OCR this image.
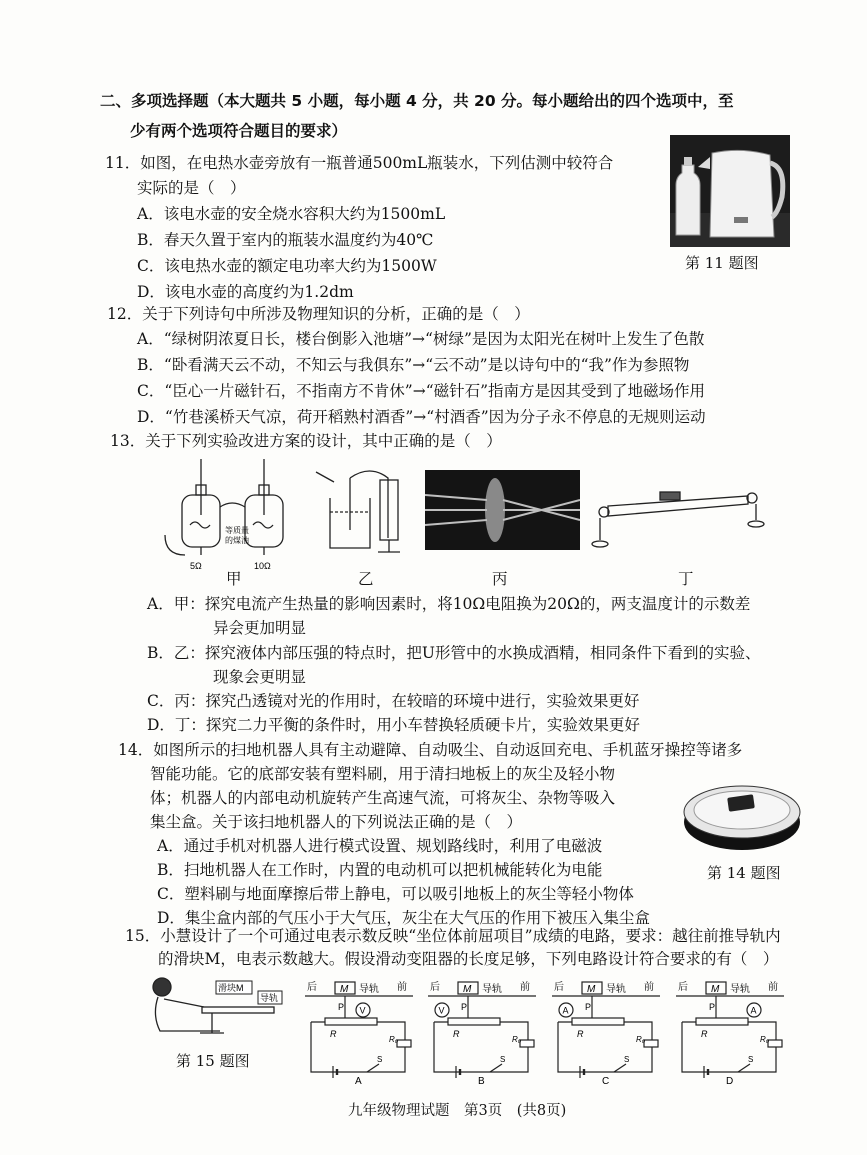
二、多项选择题（本大题共 5 小题，每小题 4 分，共 20 分。每小题给出的四个选项中，至
少有两个选项符合题目的要求）
11．如图，在电热水壶旁放有一瓶普通500mL瓶装水，下列估测中较符合
实际的是（　）
A．该电水壶的安全烧水容积大约为1500mL
B．春天久置于室内的瓶装水温度约为40℃
C．该电热水壶的额定电功率大约为1500W
D．该电水壶的高度约为1.2dm
第 11 题图
12．关于下列诗句中所涉及物理知识的分析，正确的是（　）
A．“绿树阴浓夏日长，楼台倒影入池塘”→“树绿”是因为太阳光在树叶上发生了色散
B．“卧看满天云不动，不知云与我俱东”→“云不动”是以诗句中的“我”作为参照物
C．“臣心一片磁针石，不指南方不肯休”→“磁针石”指南方是因其受到了地磁场作用
D．“竹巷溪桥天气凉，荷开稻熟村酒香”→“村酒香”因为分子永不停息的无规则运动
13．关于下列实验改进方案的设计，其中正确的是（　）
5Ω	10Ω
等质量
的煤油
甲	乙	丙	丁
A．甲：探究电流产生热量的影响因素时，将10Ω电阻换为20Ω的，两支温度计的示数差
异会更加明显
B．乙：探究液体内部压强的特点时，把U形管中的水换成酒精，相同条件下看到的实验、
现象会更明显
C．丙：探究凸透镜对光的作用时，在较暗的环境中进行，实验效果更好
D．丁：探究二力平衡的条件时，用小车替换轻质硬卡片，实验效果更好
14．如图所示的扫地机器人具有主动避障、自动吸尘、自动返回充电、手机蓝牙操控等诸多
智能功能。它的底部安装有塑料刷，用于清扫地板上的灰尘及轻小物
体；机器人的内部电动机旋转产生高速气流，可将灰尘、杂物等吸入
集尘盒。关于该扫地机器人的下列说法正确的是（　）
A．通过手机对机器人进行模式设置、规划路线时，利用了电磁波
B．扫地机器人在工作时，内置的电动机可以把机械能转化为电能
C．塑料刷与地面摩擦后带上静电，可以吸引地板上的灰尘等轻小物体
D．集尘盒内部的气压小于大气压，灰尘在大气压的作用下被压入集尘盒
第 14 题图
15．小慧设计了一个可通过电表示数反映“坐位体前屈项目”成绩的电路，要求：越往前推导轨内
的滑块M，电表示数越大。假设滑动变阻器的长度足够，下列电路设计符合要求的有（　）
滑块M
导轨
第 15 题图
后	前
M 导轨
P
R
R₀
S
V
A
后	前
M 导轨
P
R
R₀
S
V
B
后	前
M 导轨
P
R
R₀
S
A
C
后	前
M 导轨
P
R
R₀
S
A
D
九年级物理试题　第3页　(共8页)
